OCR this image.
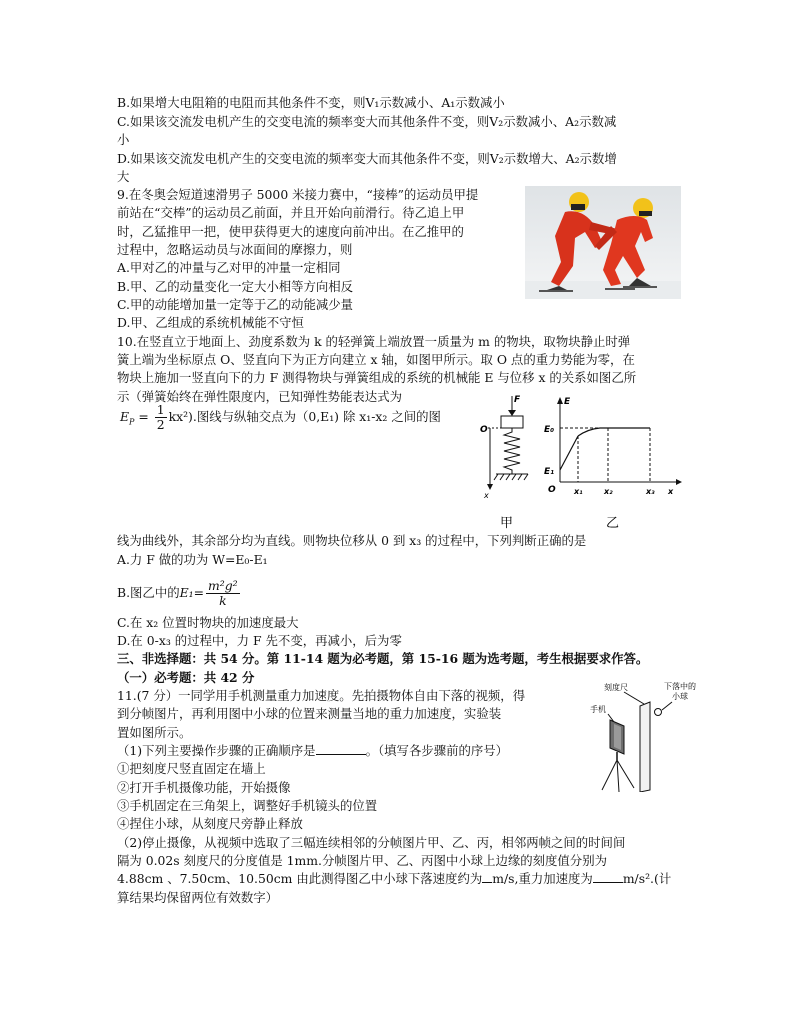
B.如果增大电阻箱的电阻而其他条件不变，则V₁示数减小、A₁示数减小
C.如果该交流发电机产生的交变电流的频率变大而其他条件不变，则V₂示数减小、A₂示数减
小
D.如果该交流发电机产生的交变电流的频率变大而其他条件不变，则V₂示数增大、A₂示数增
大
9.在冬奥会短道速滑男子 5000 米接力赛中，“接棒”的运动员甲提
前站在“交棒”的运动员乙前面，并且开始向前滑行。待乙追上甲
时，乙猛推甲一把，使甲获得更大的速度向前冲出。在乙推甲的
过程中，忽略运动员与冰面间的摩擦力，则
A.甲对乙的冲量与乙对甲的冲量一定相同
B.甲、乙的动量变化一定大小相等方向相反
C.甲的动能增加量一定等于乙的动能减少量
D.甲、乙组成的系统机械能不守恒
10.在竖直立于地面上、劲度系数为 k 的轻弹簧上端放置一质量为 m 的物块，取物块静止时弹
簧上端为坐标原点 O、竖直向下为正方向建立 x 轴，如图甲所示。取 O 点的重力势能为零，在
物块上施加一竖直向下的力 F 测得物块与弹簧组成的系统的机械能 E 与位移 x 的关系如图乙所
示（弹簧始终在弹性限度内，已知弹性势能表达式为
$E_P = \frac{1}{2} kx^2$).图线与纵轴交点为（0,E₁) 除 x₁-x₂ 之间的图
F
O
x
E
E₀
E₁
O x₁	x₂	x₃ x
甲	乙
线为曲线外，其余部分均为直线。则物块位移从 0 到 x₃ 的过程中，下列判断正确的是
A.力 F 做的功为 W=E₀-E₁
B.图乙中的$E_1= \frac{\text{m²g²}}{k}$
C.在 x₂ 位置时物块的加速度最大
D.在 0-x₃ 的过程中，力 F 先不变，再减小，后为零
三、非选择题：共 54 分。第 11-14 题为必考题，第 15-16 题为选考题，考生根据要求作答。
（一）必考题：共 42 分
11.(7 分）一同学用手机测量重力加速度。先拍摄物体自由下落的视频，得
到分帧图片，再利用图中小球的位置来测量当地的重力加速度，实验装
置如图所示。
（1)下列主要操作步骤的正确顺序是	。（填写各步骤前的序号）
①把刻度尺竖直固定在墙上
②打开手机摄像功能，开始摄像
③手机固定在三角架上，调整好手机镜头的位置
④捏住小球，从刻度尺旁静止释放
（2)停止摄像，从视频中选取了三幅连续相邻的分帧图片甲、乙、丙，相邻两帧之间的时间间
隔为 0.02s 刻度尺的分度值是 1mm.分帧图片甲、乙、丙图中小球上边缘的刻度值分别为
4.88cm 、7.50cm、10.50cm 由此测得图乙中小球下落速度约为 m/s,重力加速度为 m/s².(计
算结果均保留两位有效数字）
刻度尺	下落中的
小球
手机
